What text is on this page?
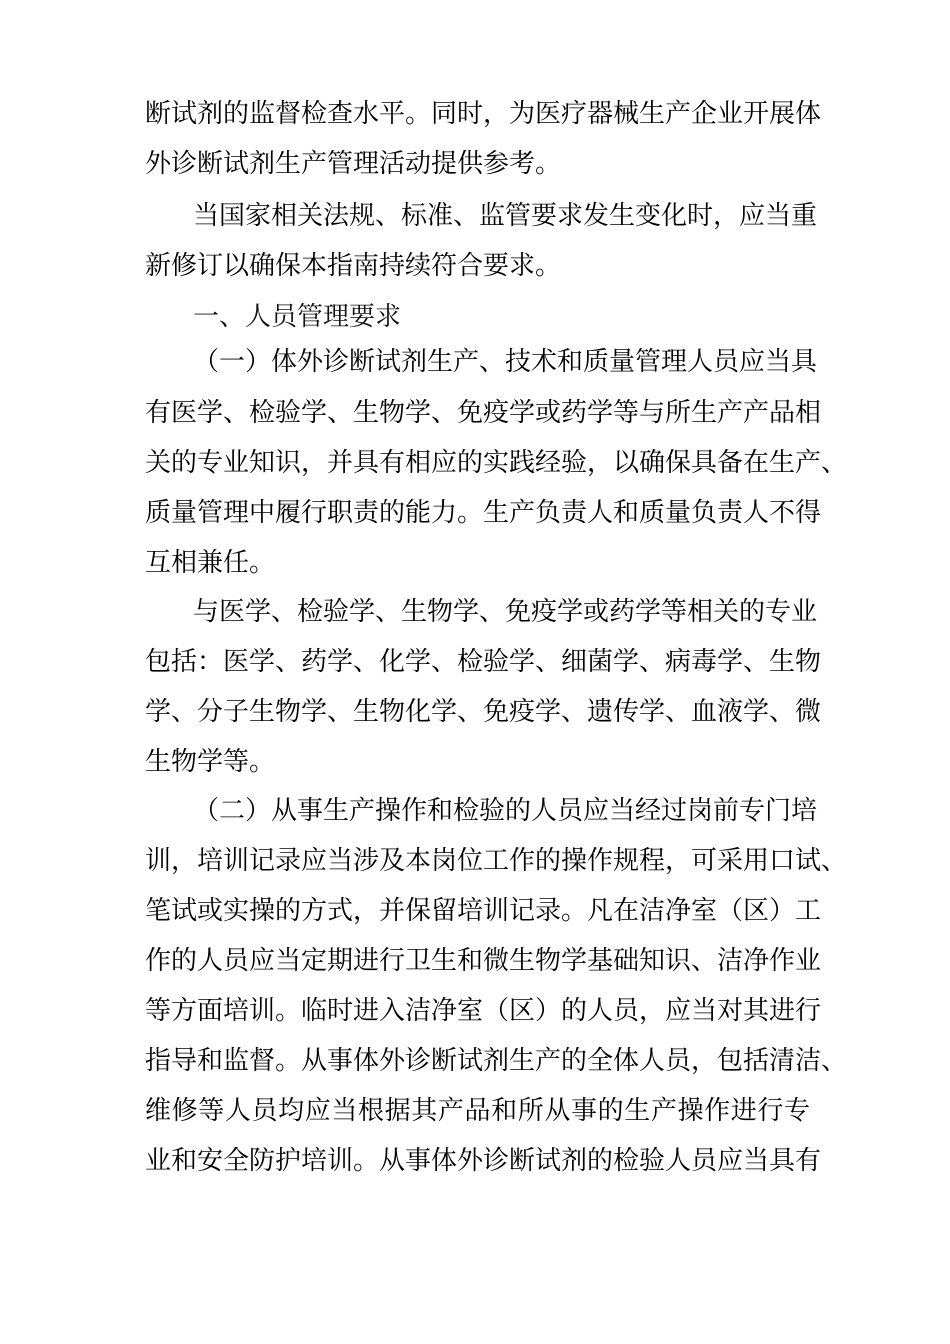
断试剂的监督检查水平。同时，为医疗器械生产企业开展体
外诊断试剂生产管理活动提供参考。
当国家相关法规、标准、监管要求发生变化时，应当重
新修订以确保本指南持续符合要求。
一、人员管理要求
（一）体外诊断试剂生产、技术和质量管理人员应当具
有医学、检验学、生物学、免疫学或药学等与所生产产品相
关的专业知识，并具有相应的实践经验，以确保具备在生产、
质量管理中履行职责的能力。生产负责人和质量负责人不得
互相兼任。
与医学、检验学、生物学、免疫学或药学等相关的专业
包括：医学、药学、化学、检验学、细菌学、病毒学、生物
学、分子生物学、生物化学、免疫学、遗传学、血液学、微
生物学等。
（二）从事生产操作和检验的人员应当经过岗前专门培
训，培训记录应当涉及本岗位工作的操作规程，可采用口试、
笔试或实操的方式，并保留培训记录。凡在洁净室（区）工
作的人员应当定期进行卫生和微生物学基础知识、洁净作业
等方面培训。临时进入洁净室（区）的人员，应当对其进行
指导和监督。从事体外诊断试剂生产的全体人员，包括清洁、
维修等人员均应当根据其产品和所从事的生产操作进行专
业和安全防护培训。从事体外诊断试剂的检验人员应当具有
